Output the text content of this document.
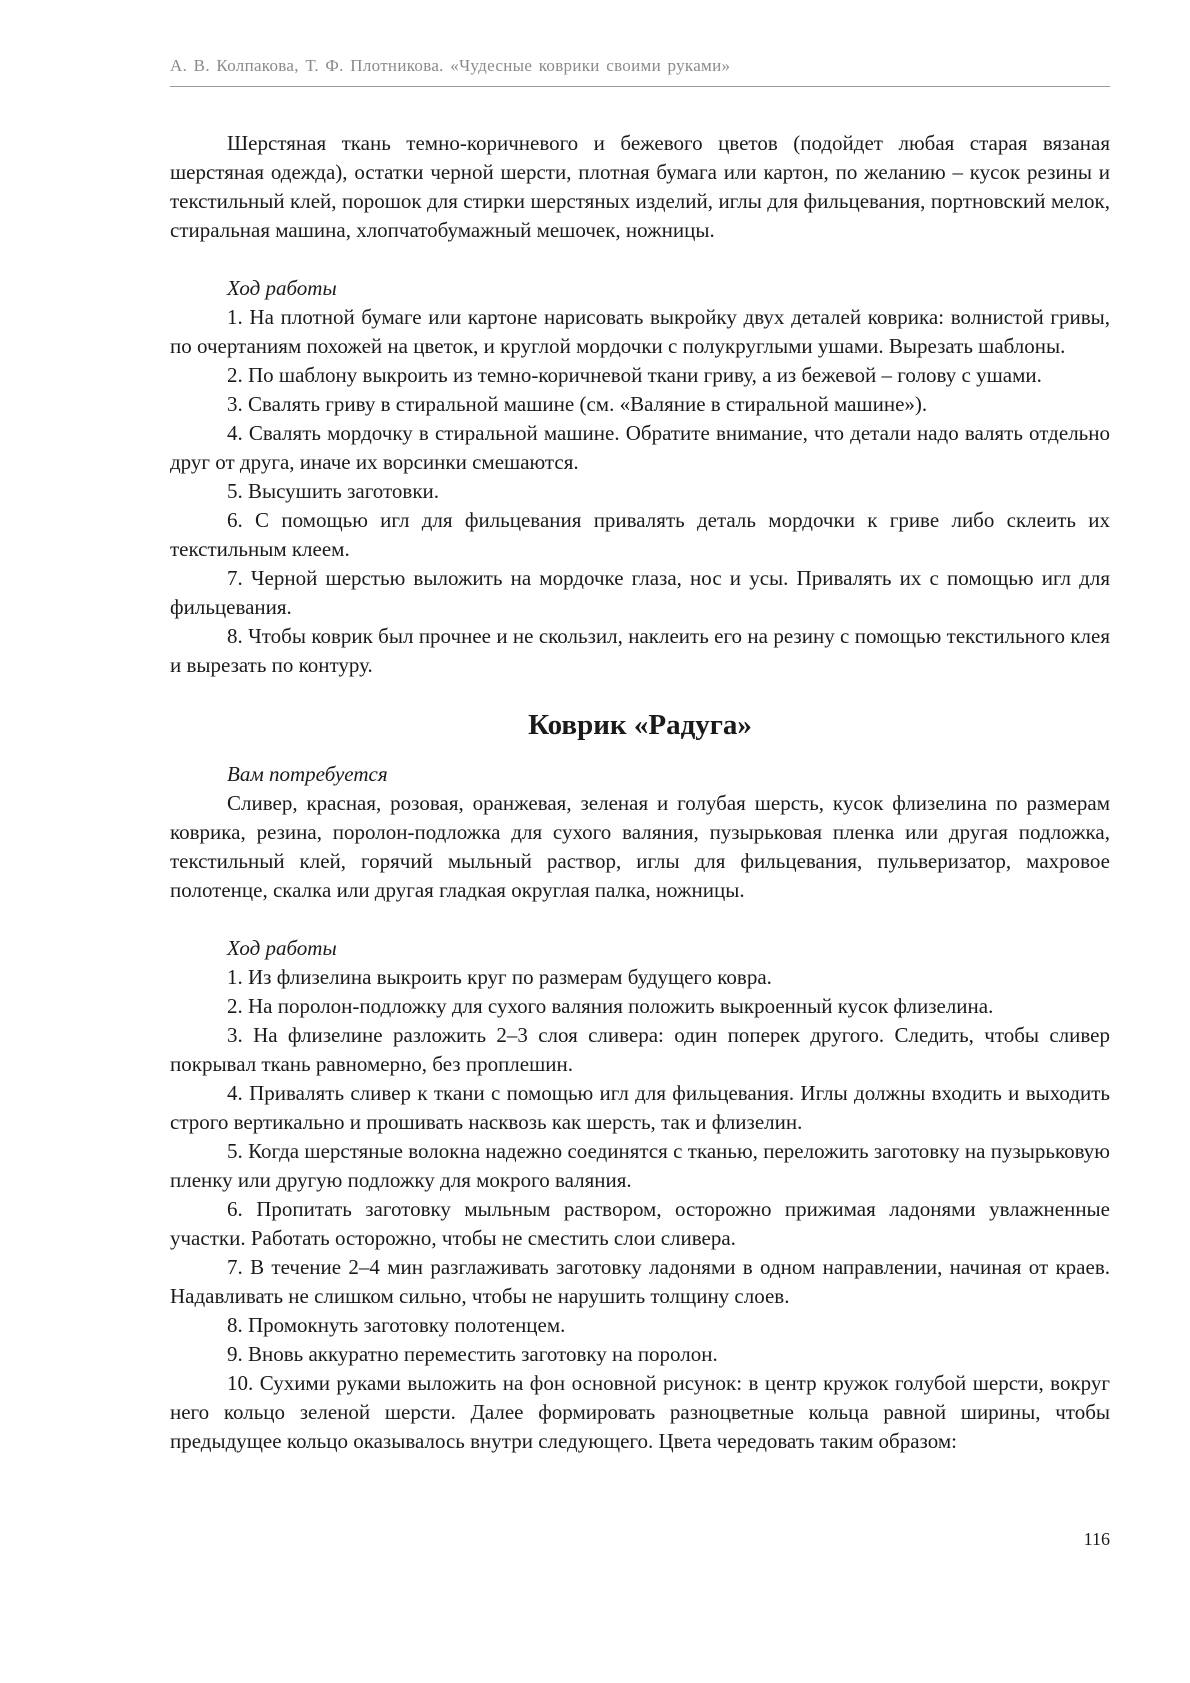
А. В. Колпакова, Т. Ф. Плотникова. «Чудесные коврики своими руками»

Шерстяная ткань темно-коричневого и бежевого цветов (подойдет любая старая вязаная шерстяная одежда), остатки черной шерсти, плотная бумага или картон, по желанию – кусок резины и текстильный клей, порошок для стирки шерстяных изделий, иглы для фильцевания, портновский мелок, стиральная машина, хлопчатобумажный мешочек, ножницы.

Ход работы

1. На плотной бумаге или картоне нарисовать выкройку двух деталей коврика: волнистой гривы, по очертаниям похожей на цветок, и круглой мордочки с полукруглыми ушами. Вырезать шаблоны.

2. По шаблону выкроить из темно-коричневой ткани гриву, а из бежевой – голову с ушами.

3. Свалять гриву в стиральной машине (см. «Валяние в стиральной машине»).

4. Свалять мордочку в стиральной машине. Обратите внимание, что детали надо валять отдельно друг от друга, иначе их ворсинки смешаются.

5. Высушить заготовки.

6. С помощью игл для фильцевания привалять деталь мордочки к гриве либо склеить их текстильным клеем.

7. Черной шерстью выложить на мордочке глаза, нос и усы. Привалять их с помощью игл для фильцевания.

8. Чтобы коврик был прочнее и не скользил, наклеить его на резину с помощью текстильного клея и вырезать по контуру.

Коврик «Радуга»
Вам потребуется

Сливер, красная, розовая, оранжевая, зеленая и голубая шерсть, кусок флизелина по размерам коврика, резина, поролон-подложка для сухого валяния, пузырьковая пленка или другая подложка, текстильный клей, горячий мыльный раствор, иглы для фильцевания, пульверизатор, махровое полотенце, скалка или другая гладкая округлая палка, ножницы.

Ход работы

1. Из флизелина выкроить круг по размерам будущего ковра.

2. На поролон-подложку для сухого валяния положить выкроенный кусок флизелина.

3. На флизелине разложить 2–3 слоя сливера: один поперек другого. Следить, чтобы сливер покрывал ткань равномерно, без проплешин.

4. Привалять сливер к ткани с помощью игл для фильцевания. Иглы должны входить и выходить строго вертикально и прошивать насквозь как шерсть, так и флизелин.

5. Когда шерстяные волокна надежно соединятся с тканью, переложить заготовку на пузырьковую пленку или другую подложку для мокрого валяния.

6. Пропитать заготовку мыльным раствором, осторожно прижимая ладонями увлажненные участки. Работать осторожно, чтобы не сместить слои сливера.

7. В течение 2–4 мин разглаживать заготовку ладонями в одном направлении, начиная от краев. Надавливать не слишком сильно, чтобы не нарушить толщину слоев.

8. Промокнуть заготовку полотенцем.

9. Вновь аккуратно переместить заготовку на поролон.

10. Сухими руками выложить на фон основной рисунок: в центр кружок голубой шерсти, вокруг него кольцо зеленой шерсти. Далее формировать разноцветные кольца равной ширины, чтобы предыдущее кольцо оказывалось внутри следующего. Цвета чередовать таким образом:

116
